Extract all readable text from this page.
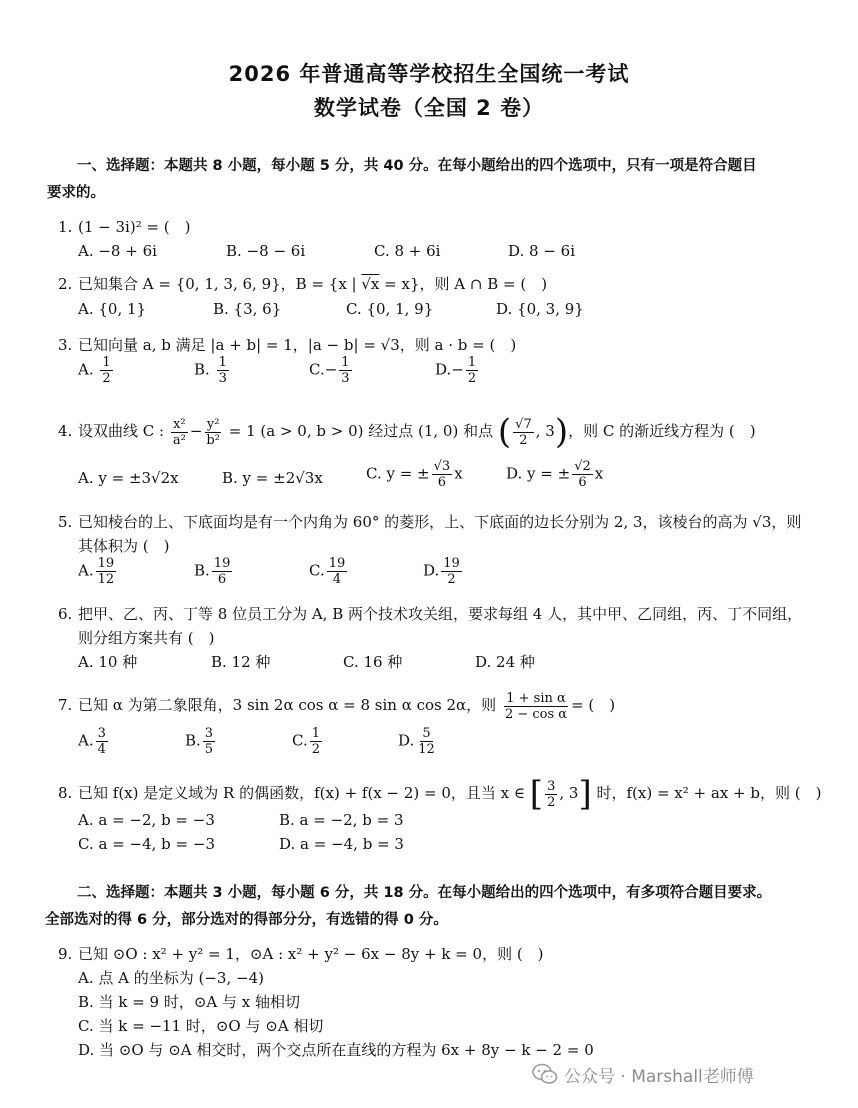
2026 年普通高等学校招生全国统一考试
数学试卷（全国 2 卷）
一、选择题：本题共 8 小题，每小题 5 分，共 40 分。在每小题给出的四个选项中，只有一项是符合题目
要求的。
1. (1 − 3i)² = ( )
A. −8 + 6i	B. −8 − 6i	C. 8 + 6i	D. 8 − 6i
2. 已知集合 A = {0, 1, 3, 6, 9}，B = {x | √x = x}，则 A ∩ B = ( )
A. {0, 1}	B. {3, 6}	C. {0, 1, 9}	D. {0, 3, 9}
3. 已知向量 a, b 满足 |a + b| = 1，|a − b| = √3，则 a · b = ( )
A. $\frac{1}{2}$	B. $\frac{1}{3}$	$C.- \frac{1}{3}$	$D.- \frac{1}{2}$
4. 设双曲线 C : $\frac{\text{x²}}{\text{a²}} - \frac{\text{y²}}{\text{b²}} = 1$ (a > 0, b > 0) 经过点 (1, 0) 和点 ( $\frac{√7}{2}$ , 3)，则 C 的渐近线方程为 ( )
A. y = ±3√2x	B. y = ±2√3x	C. y = ± $\frac{√3}{6}$ x	D. y = ± $\frac{√2}{6}$ x
5. 已知棱台的上、下底面均是有一个内角为 60° 的菱形，上、下底面的边长分别为 2, 3，该棱台的高为 √3，则
其体积为 ( )
A. $\frac{19}{12}$	B. $\frac{19}{6}$	C. $\frac{19}{4}$	D. $\frac{19}{2}$
6. 把甲、乙、丙、丁等 8 位员工分为 A, B 两个技术攻关组，要求每组 4 人，其中甲、乙同组，丙、丁不同组，
则分组方案共有 ( )
A. 10 种	B. 12 种	C. 16 种	D. 24 种
7. 已知 α 为第二象限角，3 sin 2α cos α = 8 sin α cos 2α，则 $\frac{\text{1 + sin α}}{\text{2 − cos α}}$ = ( )
A. $\frac{3}{4}$	B. $\frac{3}{5}$	C. $\frac{1}{2}$	D. $\frac{5}{12}$
8. 已知 f(x) 是定义域为 R 的偶函数，f(x) + f(x − 2) = 0，且当 x ∈ [ $\frac{3}{2}$ , 3] 时，f(x) = x² + ax + b，则 ( )
A. a = −2, b = −3	B. a = −2, b = 3
C. a = −4, b = −3	D. a = −4, b = 3
二、选择题：本题共 3 小题，每小题 6 分，共 18 分。在每小题给出的四个选项中，有多项符合题目要求。
全部选对的得 6 分，部分选对的得部分分，有选错的得 0 分。
9. 已知 ⊙O : x² + y² = 1，⊙A : x² + y² − 6x − 8y + k = 0，则 ( )
A. 点 A 的坐标为 (−3, −4)
B. 当 k = 9 时，⊙A 与 x 轴相切
C. 当 k = −11 时，⊙O 与 ⊙A 相切
D. 当 ⊙O 与 ⊙A 相交时，两个交点所在直线的方程为 6x + 8y − k − 2 = 0
公众号 · Marshall老师傅
